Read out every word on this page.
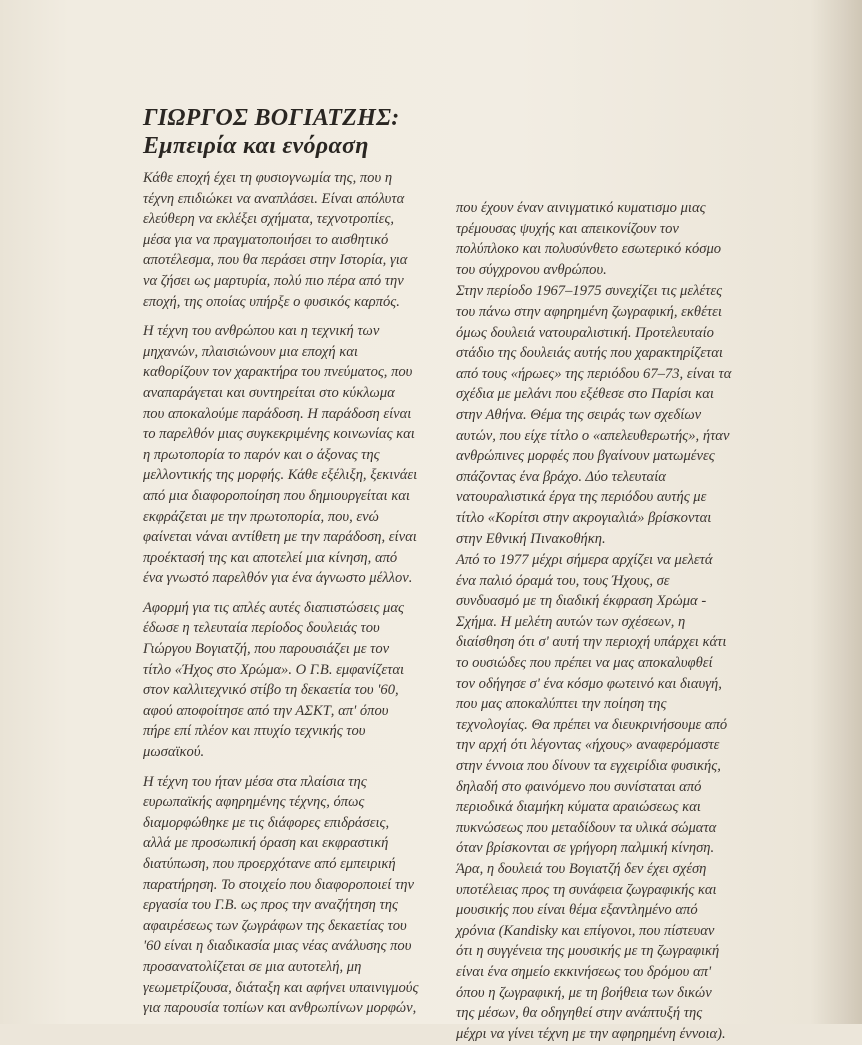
ΓΙΩΡΓΟΣ ΒΟΓΙΑΤΖΗΣ:
Εμπειρία και ενόραση
Κάθε εποχή έχει τη φυσιογνωμία της, που η
τέχνη επιδιώκει να αναπλάσει. Είναι απόλυτα
ελεύθερη να εκλέξει σχήματα, τεχνοτροπίες,
μέσα για να πραγματοποιήσει το αισθητικό
αποτέλεσμα, που θα περάσει στην Ιστορία, για
να ζήσει ως μαρτυρία, πολύ πιο πέρα από την
εποχή, της οποίας υπήρξε ο φυσικός καρπός.
Η τέχνη του ανθρώπου και η τεχνική των
μηχανών, πλαισιώνουν μια εποχή και
καθορίζουν τον χαρακτήρα του πνεύματος, που
αναπαράγεται και συντηρείται στο κύκλωμα
που αποκαλούμε παράδοση. Η παράδοση είναι
το παρελθόν μιας συγκεκριμένης κοινωνίας και
η πρωτοπορία το παρόν και ο άξονας της
μελλοντικής της μορφής. Κάθε εξέλιξη, ξεκινάει
από μια διαφοροποίηση που δημιουργείται και
εκφράζεται με την πρωτοπορία, που, ενώ
φαίνεται νάναι αντίθετη με την παράδοση, είναι
προέκτασή της και αποτελεί μια κίνηση, από
ένα γνωστό παρελθόν για ένα άγνωστο μέλλον.
Αφορμή για τις απλές αυτές διαπιστώσεις μας
έδωσε η τελευταία περίοδος δουλειάς του
Γιώργου Βογιατζή, που παρουσιάζει με τον
τίτλο «Ήχος στο Χρώμα». Ο Γ.Β. εμφανίζεται
στον καλλιτεχνικό στίβο τη δεκαετία του '60,
αφού αποφοίτησε από την ΑΣΚΤ, απ' όπου
πήρε επί πλέον και πτυχίο τεχνικής του
μωσαϊκού.
Η τέχνη του ήταν μέσα στα πλαίσια της
ευρωπαϊκής αφηρημένης τέχνης, όπως
διαμορφώθηκε με τις διάφορες επιδράσεις,
αλλά με προσωπική όραση και εκφραστική
διατύπωση, που προερχότανε από εμπειρική
παρατήρηση. Το στοιχείο που διαφοροποιεί την
εργασία του Γ.Β. ως προς την αναζήτηση της
αφαιρέσεως των ζωγράφων της δεκαετίας του
'60 είναι η διαδικασία μιας νέας ανάλυσης που
προσανατολίζεται σε μια αυτοτελή, μη
γεωμετρίζουσα, διάταξη και αφήνει υπαινιγμούς
για παρουσία τοπίων και ανθρωπίνων μορφών,
που έχουν έναν αινιγματικό κυματισμο μιας
τρέμουσας ψυχής και απεικονίζουν τον
πολύπλοκο και πολυσύνθετο εσωτερικό κόσμο
του σύγχρονου ανθρώπου.
Στην περίοδο 1967–1975 συνεχίζει τις μελέτες
του πάνω στην αφηρημένη ζωγραφική, εκθέτει
όμως δουλειά νατουραλιστική. Προτελευταίο
στάδιο της δουλειάς αυτής που χαρακτηρίζεται
από τους «ήρωες» της περιόδου 67–73, είναι τα
σχέδια με μελάνι που εξέθεσε στο Παρίσι και
στην Αθήνα. Θέμα της σειράς των σχεδίων
αυτών, που είχε τίτλο ο «απελευθερωτής», ήταν
ανθρώπινες μορφές που βγαίνουν ματωμένες
σπάζοντας ένα βράχο. Δύο τελευταία
νατουραλιστικά έργα της περιόδου αυτής με
τίτλο «Κορίτσι στην ακρογιαλιά» βρίσκονται
στην Εθνική Πινακοθήκη.
Από το 1977 μέχρι σήμερα αρχίζει να μελετά
ένα παλιό όραμά του, τους Ήχους, σε
συνδυασμό με τη διαδική έκφραση Χρώμα -
Σχήμα. Η μελέτη αυτών των σχέσεων, η
διαίσθηση ότι σ' αυτή την περιοχή υπάρχει κάτι
το ουσιώδες που πρέπει να μας αποκαλυφθεί
τον οδήγησε σ' ένα κόσμο φωτεινό και διαυγή,
που μας αποκαλύπτει την ποίηση της
τεχνολογίας. Θα πρέπει να διευκρινήσουμε από
την αρχή ότι λέγοντας «ήχους» αναφερόμαστε
στην έννοια που δίνουν τα εγχειρίδια φυσικής,
δηλαδή στο φαινόμενο που συνίσταται από
περιοδικά διαμήκη κύματα αραιώσεως και
πυκνώσεως που μεταδίδουν τα υλικά σώματα
όταν βρίσκονται σε γρήγορη παλμική κίνηση.
Άρα, η δουλειά του Βογιατζή δεν έχει σχέση
υποτέλειας προς τη συνάφεια ζωγραφικής και
μουσικής που είναι θέμα εξαντλημένο από
χρόνια (Kandisky και επίγονοι, που πίστευαν
ότι η συγγένεια της μουσικής με τη ζωγραφική
είναι ένα σημείο εκκινήσεως του δρόμου απ'
όπου η ζωγραφική, με τη βοήθεια των δικών
της μέσων, θα οδηγηθεί στην ανάπτυξή της
μέχρι να γίνει τέχνη με την αφηρημένη έννοια).
